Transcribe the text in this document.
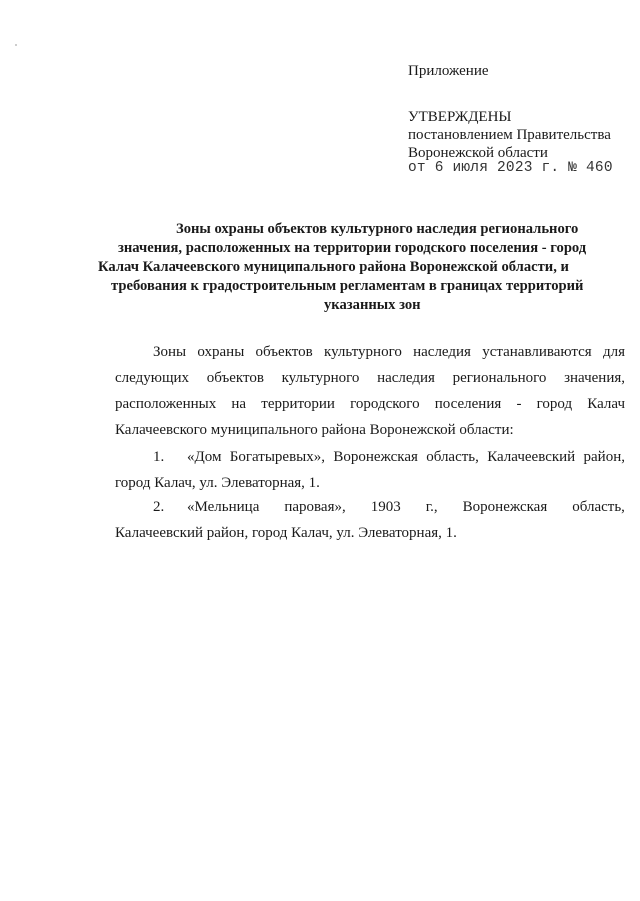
Приложение
УТВЕРЖДЕНЫ
постановлением Правительства
Воронежской области
от 6 июля 2023 г. № 460
Зоны охраны объектов культурного наследия регионального
значения, расположенных на территории городского поселения - город
Калач Калачеевского муниципального района Воронежской области, и
требования к градостроительным регламентам в границах территорий
указанных зон
Зоны охраны объектов культурного наследия устанавливаются для
следующих объектов культурного наследия регионального значения,
расположенных на территории городского поселения - город Калач
Калачеевского муниципального района Воронежской области:
1.	«Дом Богатыревых», Воронежская область, Калачеевский район,
город Калач, ул. Элеваторная, 1.
2.	«Мельница паровая», 1903 г., Воронежская область,
Калачеевский район, город Калач, ул. Элеваторная, 1.
